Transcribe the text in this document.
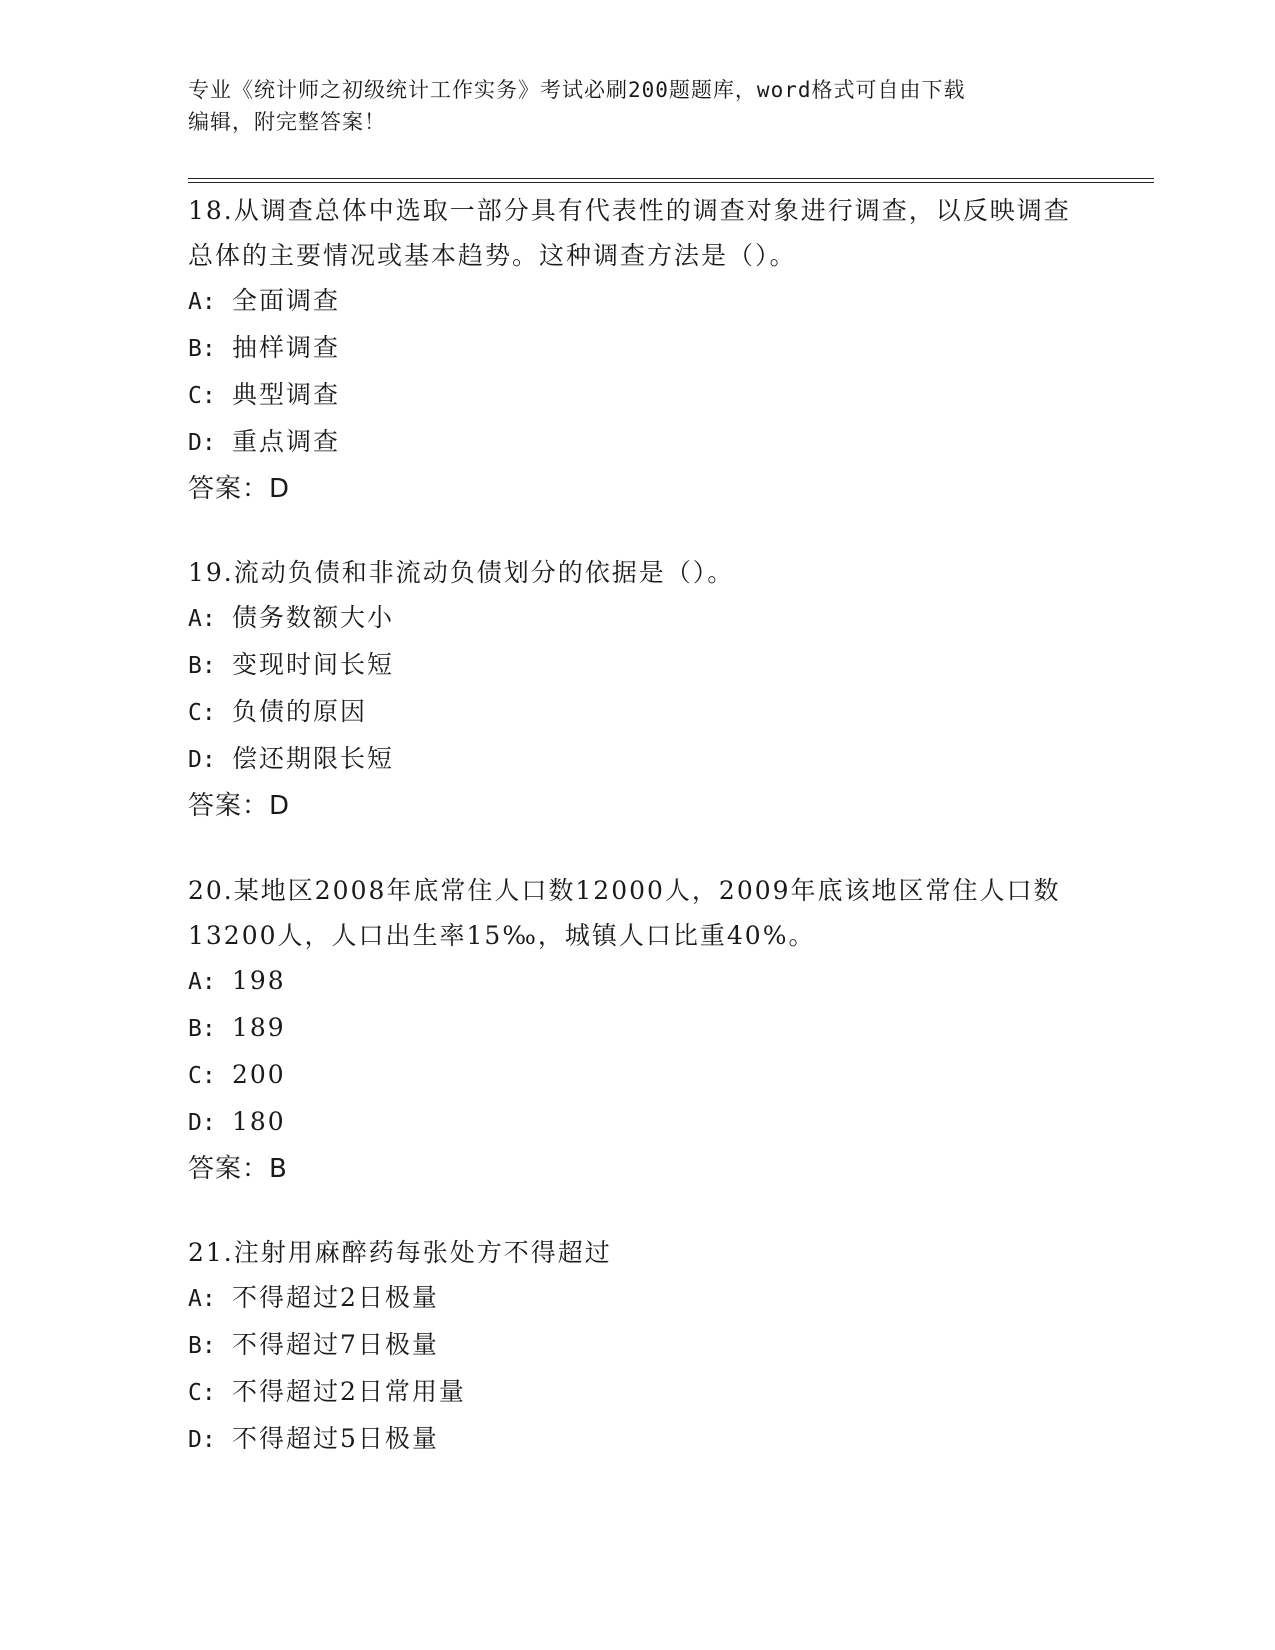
专业《统计师之初级统计工作实务》考试必刷200题题库，word格式可自由下载
编辑，附完整答案！
18.从调查总体中选取一部分具有代表性的调查对象进行调查，以反映调查总体的主要情况或基本趋势。这种调查方法是（）。
A: 全面调查
B: 抽样调查
C: 典型调查
D: 重点调查
答案：D
19.流动负债和非流动负债划分的依据是（）。
A: 债务数额大小
B: 变现时间长短
C: 负债的原因
D: 偿还期限长短
答案：D
20.某地区2008年底常住人口数12000人，2009年底该地区常住人口数13200人，人口出生率15‰，城镇人口比重40%。
A: 198
B: 189
C: 200
D: 180
答案：B
21.注射用麻醉药每张处方不得超过
A: 不得超过2日极量
B: 不得超过7日极量
C: 不得超过2日常用量
D: 不得超过5日极量
